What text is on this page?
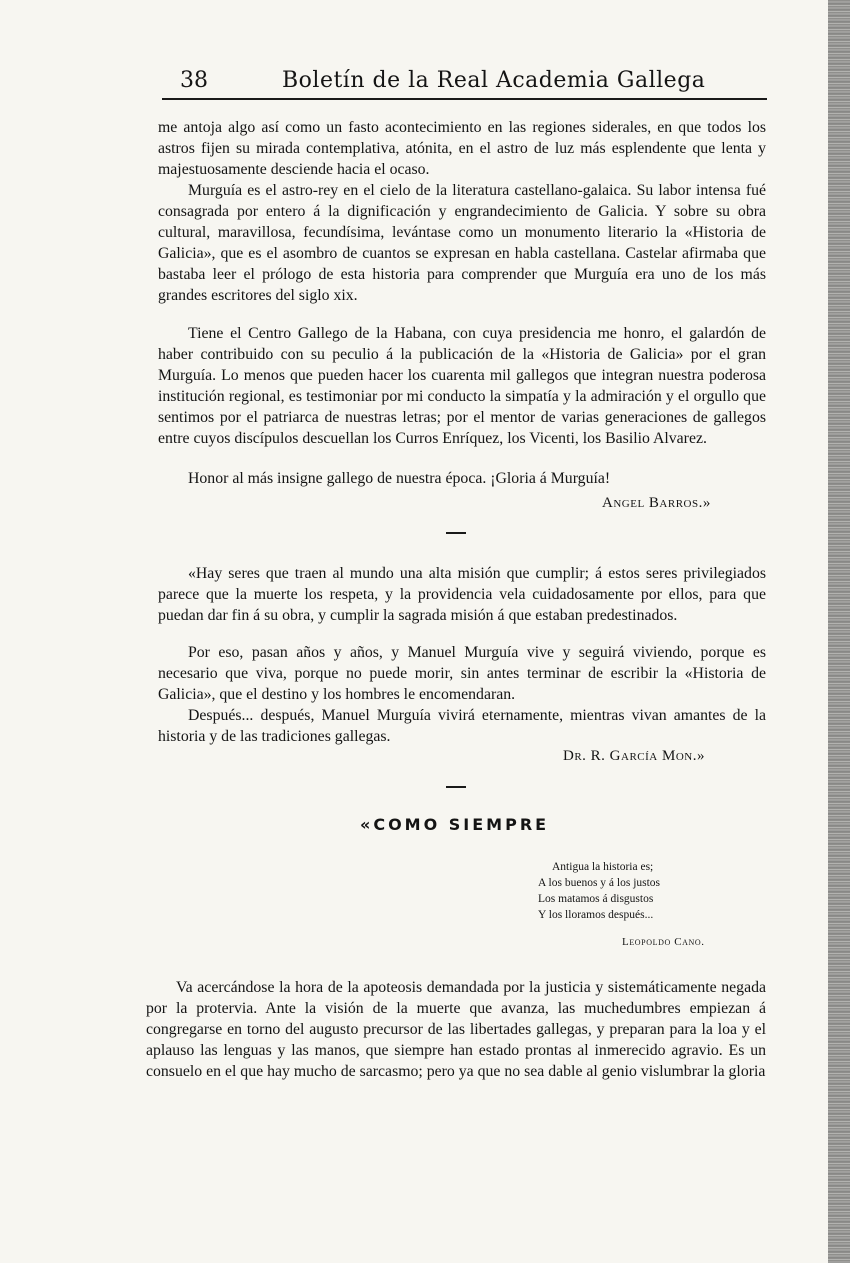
38	Boletín de la Real Academia Gallega

me antoja algo así como un fasto acontecimiento en las regiones siderales, en que todos los astros fijen su mirada contemplativa, atónita, en el astro de luz más esplendente que lenta y majestuosamente desciende hacia el ocaso.

Murguía es el astro-rey en el cielo de la literatura castellano-galaica. Su labor intensa fué consagrada por entero á la dignificación y engrandecimiento de Galicia. Y sobre su obra cultural, maravillosa, fecundísima, levántase como un monumento literario la «Historia de Galicia», que es el asombro de cuantos se expresan en habla castellana. Castelar afirmaba que bastaba leer el prólogo de esta historia para comprender que Murguía era uno de los más grandes escritores del siglo xix.

Tiene el Centro Gallego de la Habana, con cuya presidencia me honro, el galardón de haber contribuido con su peculio á la publicación de la «Historia de Galicia» por el gran Murguía. Lo menos que pueden hacer los cuarenta mil gallegos que integran nuestra poderosa institución regional, es testimoniar por mi conducto la simpatía y la admiración y el orgullo que sentimos por el patriarca de nuestras letras; por el mentor de varias generaciones de gallegos entre cuyos discípulos descuellan los Curros Enríquez, los Vicenti, los Basilio Alvarez.

Honor al más insigne gallego de nuestra época. ¡Gloria á Murguía!

Angel Barros.»

«Hay seres que traen al mundo una alta misión que cumplir; á estos seres privilegiados parece que la muerte los respeta, y la providencia vela cuidadosamente por ellos, para que puedan dar fin á su obra, y cumplir la sagrada misión á que estaban predestinados.

Por eso, pasan años y años, y Manuel Murguía vive y seguirá viviendo, porque es necesario que viva, porque no puede morir, sin antes terminar de escribir la «Historia de Galicia», que el destino y los hombres le encomendaran.

Después... después, Manuel Murguía vivirá eternamente, mientras vivan amantes de la historia y de las tradiciones gallegas.

Dr. R. García Mon.»
«COMO SIEMPRE
Antigua la historia es;
A los buenos y á los justos
Los matamos á disgustos
Y los lloramos después...
Leopoldo Cano.

Va acercándose la hora de la apoteosis demandada por la justicia y sistemáticamente negada por la protervia. Ante la visión de la muerte que avanza, las muchedumbres empiezan á congregarse en torno del augusto precursor de las libertades gallegas, y preparan para la loa y el aplauso las lenguas y las manos, que siempre han estado prontas al inmerecido agravio. Es un consuelo en el que hay mucho de sarcasmo; pero ya que no sea dable al genio vislumbrar la gloria
